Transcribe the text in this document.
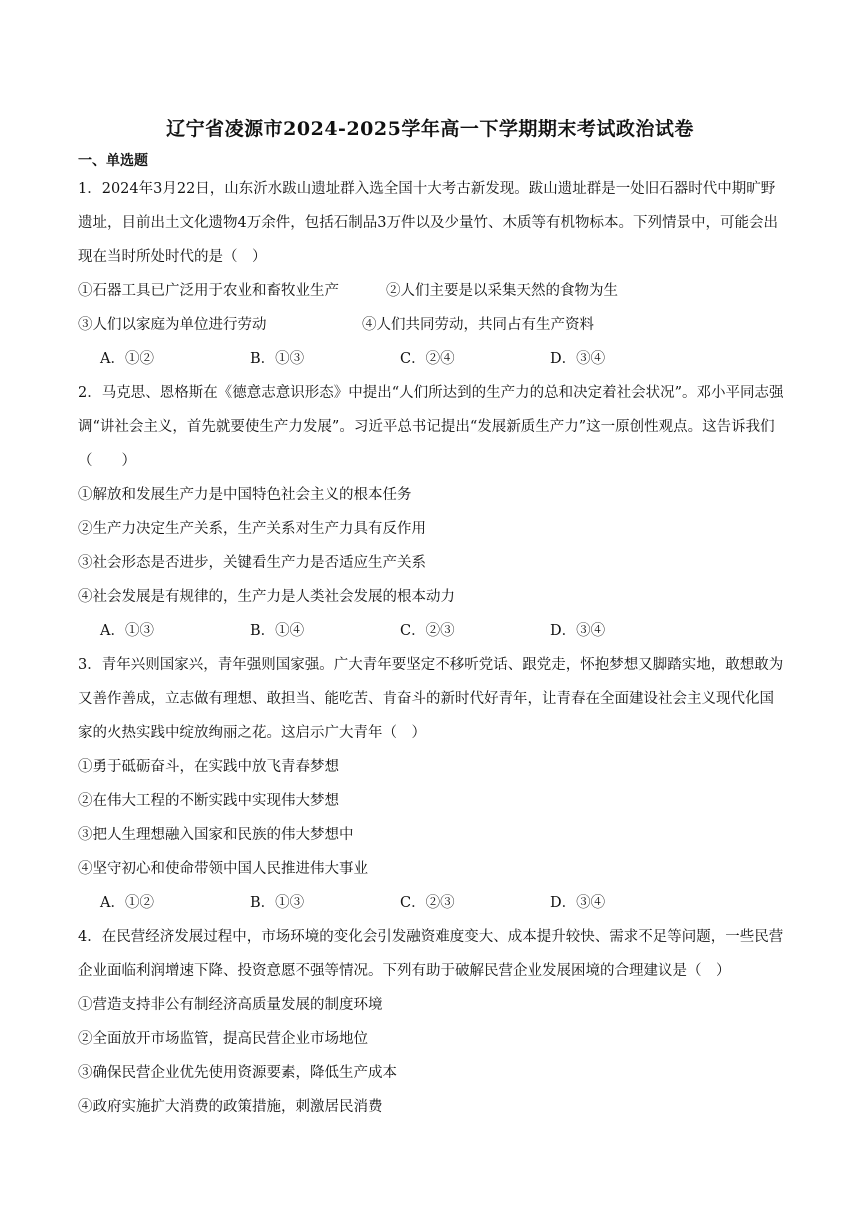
辽宁省凌源市2024-2025学年高一下学期期末考试政治试卷
一、单选题

1．2024年3月22日，山东沂水跋山遗址群入选全国十大考古新发现。跋山遗址群是一处旧石器时代中期旷野遗址，目前出土文化遗物4万余件，包括石制品3万件以及少量竹、木质等有机物标本。下列情景中，可能会出现在当时所处时代的是（　）

①石器工具已广泛用于农业和畜牧业生产	②人们主要是以采集天然的食物为生
③人们以家庭为单位进行劳动	④人们共同劳动，共同占有生产资料
A．①②	B．①③	C．②④	D．③④

2．马克思、恩格斯在《德意志意识形态》中提出“人们所达到的生产力的总和决定着社会状况”。邓小平同志强调“讲社会主义，首先就要使生产力发展”。习近平总书记提出“发展新质生产力”这一原创性观点。这告诉我们（　　）

①解放和发展生产力是中国特色社会主义的根本任务

②生产力决定生产关系，生产关系对生产力具有反作用

③社会形态是否进步，关键看生产力是否适应生产关系

④社会发展是有规律的，生产力是人类社会发展的根本动力

A．①③	B．①④	C．②③	D．③④

3．青年兴则国家兴，青年强则国家强。广大青年要坚定不移听党话、跟党走，怀抱梦想又脚踏实地，敢想敢为又善作善成，立志做有理想、敢担当、能吃苦、肯奋斗的新时代好青年，让青春在全面建设社会主义现代化国家的火热实践中绽放绚丽之花。这启示广大青年（　）

①勇于砥砺奋斗，在实践中放飞青春梦想

②在伟大工程的不断实践中实现伟大梦想

③把人生理想融入国家和民族的伟大梦想中

④坚守初心和使命带领中国人民推进伟大事业

A．①②	B．①③	C．②③	D．③④

4．在民营经济发展过程中，市场环境的变化会引发融资难度变大、成本提升较快、需求不足等问题，一些民营企业面临利润增速下降、投资意愿不强等情况。下列有助于破解民营企业发展困境的合理建议是（　）

①营造支持非公有制经济高质量发展的制度环境

②全面放开市场监管，提高民营企业市场地位

③确保民营企业优先使用资源要素，降低生产成本

④政府实施扩大消费的政策措施，刺激居民消费
